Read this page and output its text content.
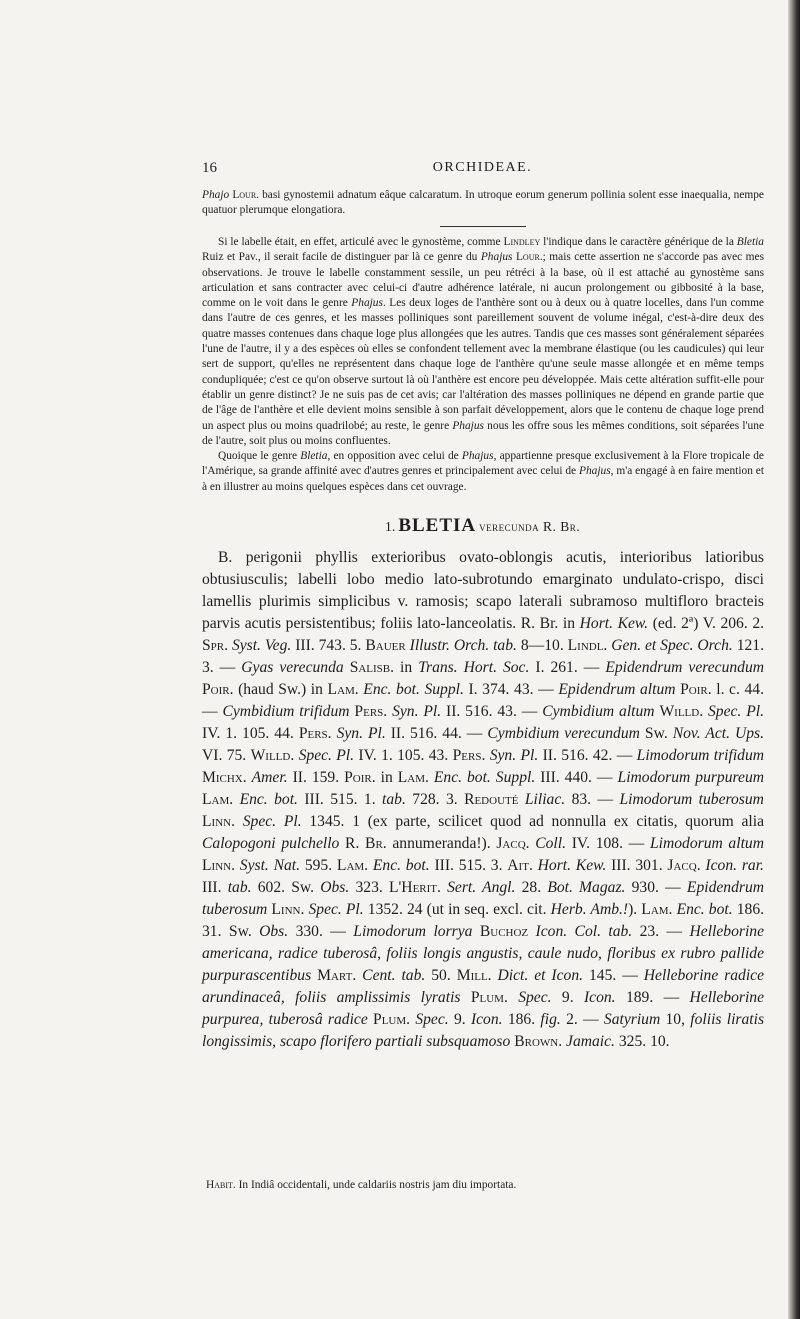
16	ORCHIDEAE.
Phajo Lour. basi gynostemii adnatum eâque calcaratum. In utroque eorum generum pollinia solent esse inaequalia, nempe quatuor plerumque elongatiora.

Si le labelle était, en effet, articulé avec le gynostème, comme Lindley l'indique dans le caractère générique de la Bletia Ruiz et Pav., il serait facile de distinguer par là ce genre du Phajus Lour.; mais cette assertion ne s'accorde pas avec mes observations. Je trouve le labelle constamment sessile, un peu rétréci à la base, où il est attaché au gynostème sans articulation et sans contracter avec celui-ci d'autre adhérence latérale, ni aucun prolongement ou gibbosité à la base, comme on le voit dans le genre Phajus. Les deux loges de l'anthère sont ou à deux ou à quatre locelles, dans l'un comme dans l'autre de ces genres, et les masses polliniques sont pareillement souvent de volume inégal, c'est-à-dire deux des quatre masses contenues dans chaque loge plus allongées que les autres. Tandis que ces masses sont généralement séparées l'une de l'autre, il y a des espèces où elles se confondent tellement avec la membrane élastique (ou les caudicules) qui leur sert de support, qu'elles ne représentent dans chaque loge de l'anthère qu'une seule masse allongée et en même temps condupliquée; c'est ce qu'on observe surtout là où l'anthère est encore peu développée. Mais cette altération suffit-elle pour établir un genre distinct? Je ne suis pas de cet avis; car l'altération des masses polliniques ne dépend en grande partie que de l'âge de l'anthère et elle devient moins sensible à son parfait développement, alors que le contenu de chaque loge prend un aspect plus ou moins quadrilobé; au reste, le genre Phajus nous les offre sous les mêmes conditions, soit séparées l'une de l'autre, soit plus ou moins confluentes.

Quoique le genre Bletia, en opposition avec celui de Phajus, appartienne presque exclusivement à la Flore tropicale de l'Amérique, sa grande affinité avec d'autres genres et principalement avec celui de Phajus, m'a engagé à en faire mention et à en illustrer au moins quelques espèces dans cet ouvrage.

1. BLETIA verecunda R. Br.

B. perigonii phyllis exterioribus ovato-oblongis acutis, interioribus latioribus obtusiusculis; labelli lobo medio lato-subrotundo emarginato undulato-crispo, disci lamellis plurimis simplicibus v. ramosis; scapo laterali subramoso multifloro bracteis parvis acutis persistentibus; foliis lato-lanceolatis. R. Br. in Hort. Kew. (ed. 2ª) V. 206. 2. Spr. Syst. Veg. III. 743. 5. Bauer Illustr. Orch. tab. 8—10. Lindl. Gen. et Spec. Orch. 121. 3. — Gyas verecunda Salisb. in Trans. Hort. Soc. I. 261. — Epidendrum verecundum Poir. (haud Sw.) in Lam. Enc. bot. Suppl. I. 374. 43. — Epidendrum altum Poir. l. c. 44. — Cymbidium trifidum Pers. Syn. Pl. II. 516. 43. — Cymbidium altum Willd. Spec. Pl. IV. 1. 105. 44. Pers. Syn. Pl. II. 516. 44. — Cymbidium verecundum Sw. Nov. Act. Ups. VI. 75. Willd. Spec. Pl. IV. 1. 105. 43. Pers. Syn. Pl. II. 516. 42. — Limodorum trifidum Michx. Amer. II. 159. Poir. in Lam. Enc. bot. Suppl. III. 440. — Limodorum purpureum Lam. Enc. bot. III. 515. 1. tab. 728. 3. Redouté Liliac. 83. — Limodorum tuberosum Linn. Spec. Pl. 1345. 1 (ex parte, scilicet quod ad nonnulla ex citatis, quorum alia Calopogoni pulchello R. Br. annumeranda!). Jacq. Coll. IV. 108. — Limodorum altum Linn. Syst. Nat. 595. Lam. Enc. bot. III. 515. 3. Ait. Hort. Kew. III. 301. Jacq. Icon. rar. III. tab. 602. Sw. Obs. 323. L'Herit. Sert. Angl. 28. Bot. Magaz. 930. — Epidendrum tuberosum Linn. Spec. Pl. 1352. 24 (ut in seq. excl. cit. Herb. Amb.!). Lam. Enc. bot. 186. 31. Sw. Obs. 330. — Limodorum lorrya Buchoz Icon. Col. tab. 23. — Helleborine americana, radice tuberosâ, foliis longis angustis, caule nudo, floribus ex rubro pallide purpurascentibus Mart. Cent. tab. 50. Mill. Dict. et Icon. 145. — Helleborine radice arundinaceâ, foliis amplissimis lyratis Plum. Spec. 9. Icon. 189. — Helleborine purpurea, tuberosâ radice Plum. Spec. 9. Icon. 186. fig. 2. — Satyrium 10, foliis liratis longissimis, scapo florifero partiali subsquamoso Brown. Jamaic. 325. 10.

Habit. In Indiâ occidentali, unde caldariis nostris jam diu importata.
